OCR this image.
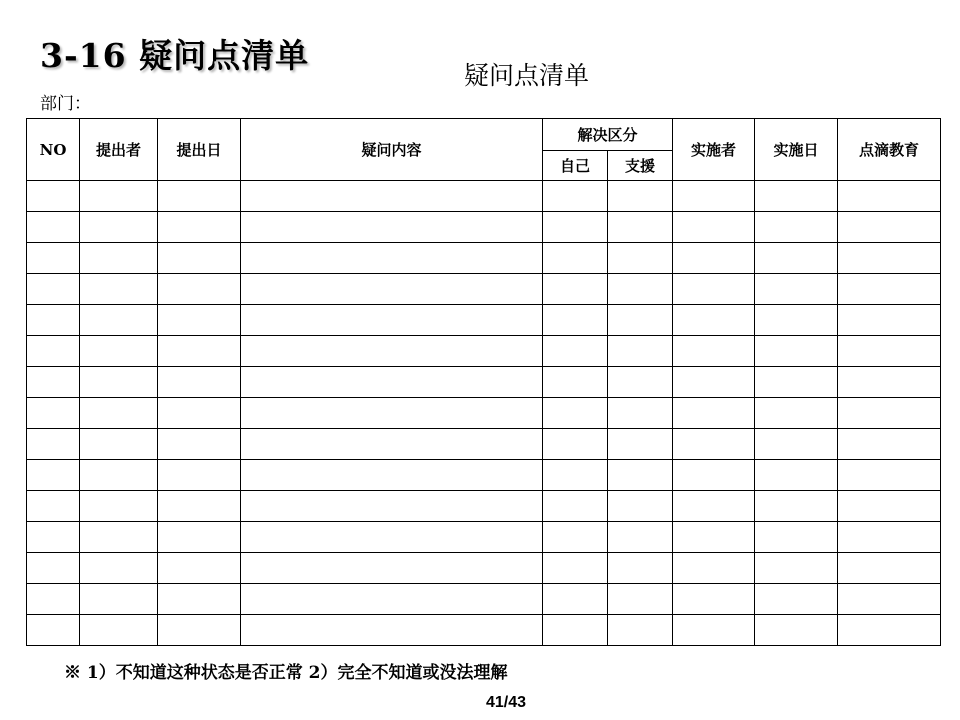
3-16 疑问点清单
疑问点清单
部门：
NO	提出者	提出日	疑问内容	解决区分		实施者	实施日	点滴教育
				自己	支援			

※ 1）不知道这种状态是否正常 2）完全不知道或没法理解
41/43
